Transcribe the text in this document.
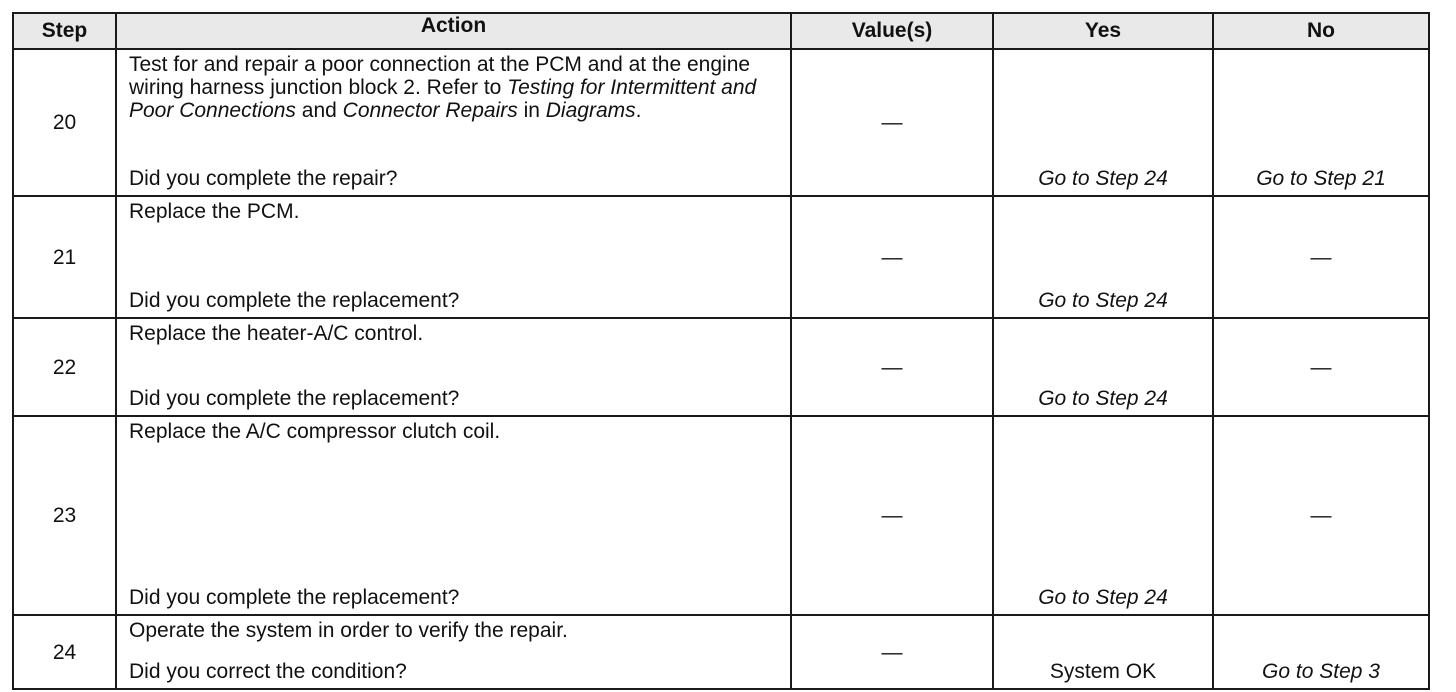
Step	Action	Value(s)	Yes	No
20	Test for and repair a poor connection at the PCM and at the engine wiring harness junction block 2. Refer to Testing for Intermittent and Poor Connections and Connector Repairs in Diagrams.
Did you complete the repair?	—	Go to Step 24	Go to Step 21
21	Replace the PCM.
Did you complete the replacement?	—	Go to Step 24	—
22	Replace the heater-A/C control.
Did you complete the replacement?	—	Go to Step 24	—
23	Replace the A/C compressor clutch coil.
Did you complete the replacement?	—	Go to Step 24	—
24	Operate the system in order to verify the repair.
Did you correct the condition?	—	System OK	Go to Step 3
